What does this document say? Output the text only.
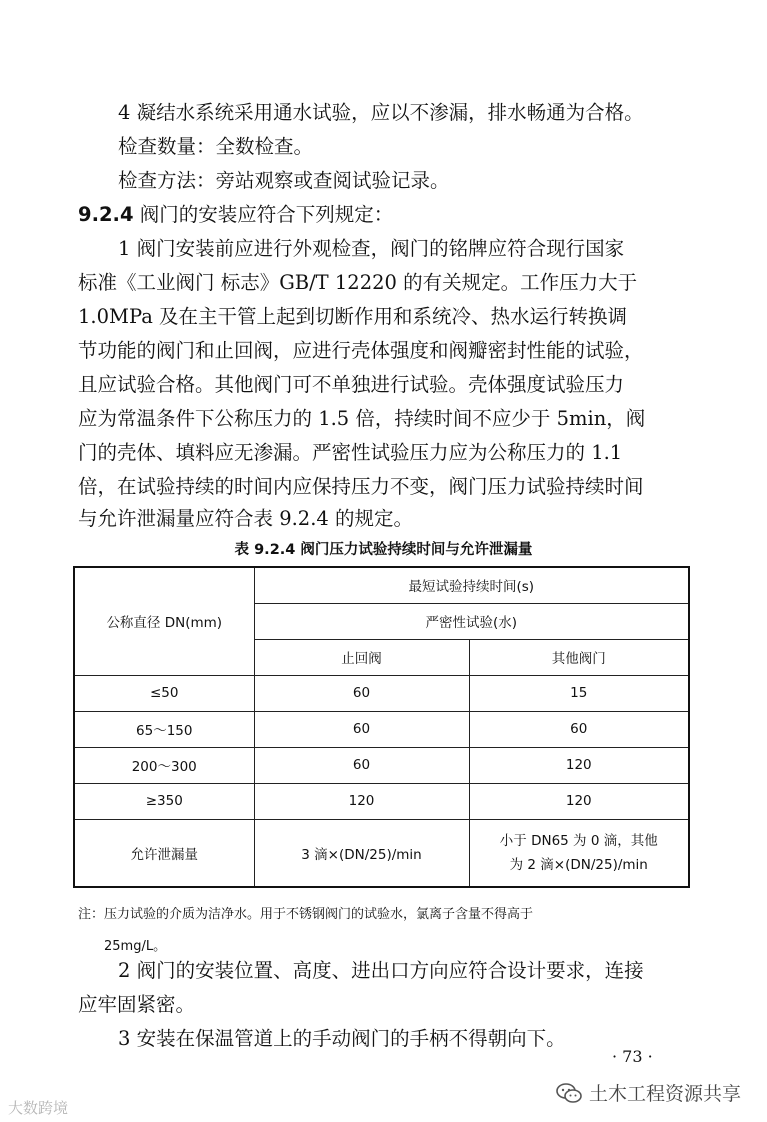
4 凝结水系统采用通水试验，应以不渗漏，排水畅通为合格。
检查数量：全数检查。
检查方法：旁站观察或查阅试验记录。
9.2.4 阀门的安装应符合下列规定：
1 阀门安装前应进行外观检查，阀门的铭牌应符合现行国家
标准《工业阀门 标志》GB/T 12220 的有关规定。工作压力大于
1.0MPa 及在主干管上起到切断作用和系统冷、热水运行转换调
节功能的阀门和止回阀，应进行壳体强度和阀瓣密封性能的试验，
且应试验合格。其他阀门可不单独进行试验。壳体强度试验压力
应为常温条件下公称压力的 1.5 倍，持续时间不应少于 5min，阀
门的壳体、填料应无渗漏。严密性试验压力应为公称压力的 1.1
倍，在试验持续的时间内应保持压力不变，阀门压力试验持续时间
与允许泄漏量应符合表 9.2.4 的规定。
表 9.2.4 阀门压力试验持续时间与允许泄漏量
公称直径 DN(mm)	最短试验持续时间(s)	
	严密性试验(水)	
	止回阀	其他阀门
≤50	60	15
65～150	60	60
200～300	60	120
≥350	120	120
允许泄漏量	3 滴×(DN/25)/min	小于 DN65 为 0 滴，其他
为 2 滴×(DN/25)/min
注：压力试验的介质为洁净水。用于不锈钢阀门的试验水，氯离子含量不得高于
25mg/L。
2 阀门的安装位置、高度、进出口方向应符合设计要求，连接
应牢固紧密。
3 安装在保温管道上的手动阀门的手柄不得朝向下。
· 73 ·
土木工程资源共享
大数跨境
